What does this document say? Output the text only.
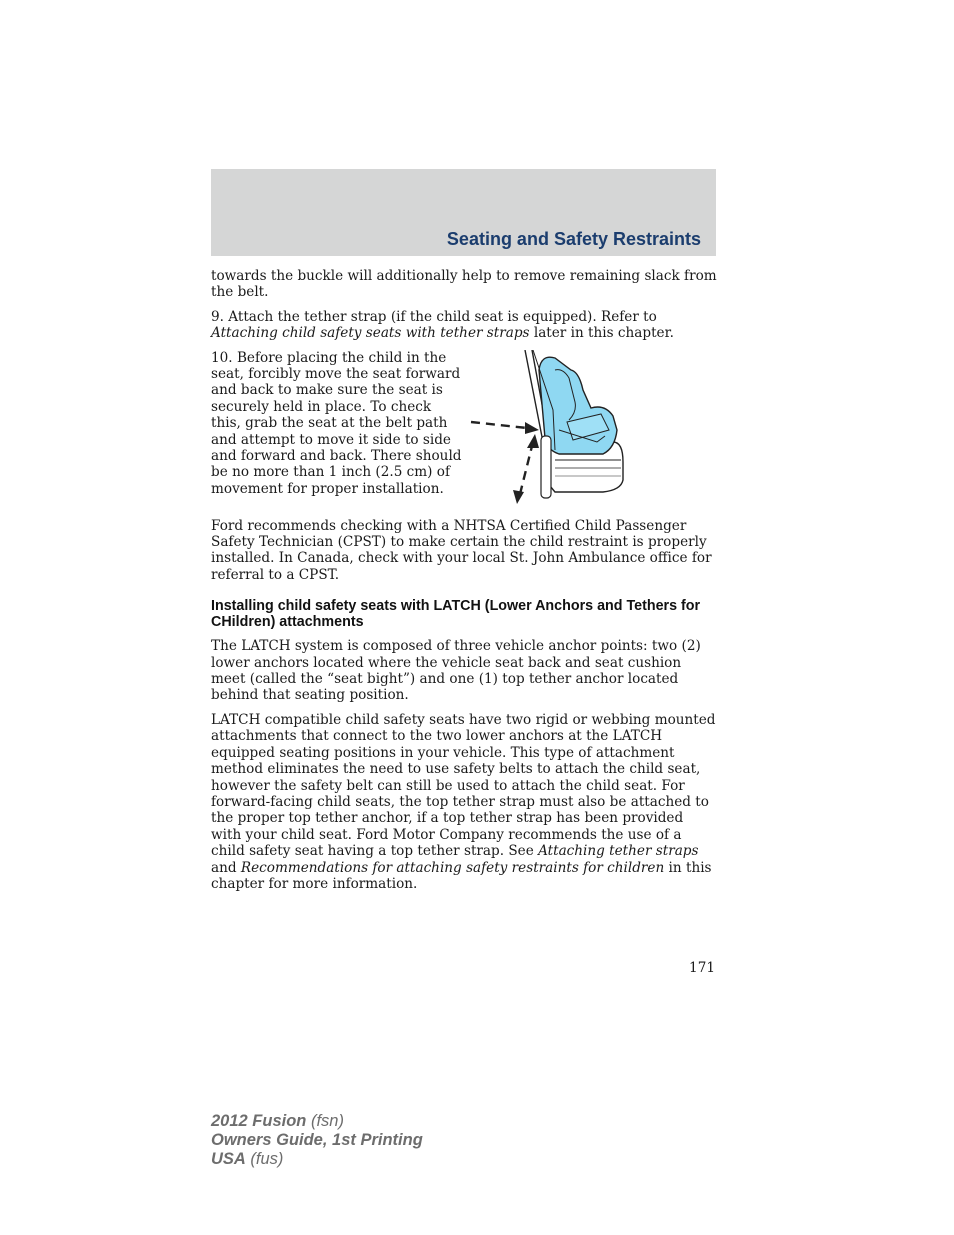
Seating and Safety Restraints

towards the buckle will additionally help to remove remaining slack from the belt.

9. Attach the tether strap (if the child seat is equipped). Refer to Attaching child safety seats with tether straps later in this chapter.

10. Before placing the child in the seat, forcibly move the seat forward and back to make sure the seat is securely held in place. To check this, grab the seat at the belt path and attempt to move it side to side and forward and back. There should be no more than 1 inch (2.5 cm) of movement for proper installation.

Ford recommends checking with a NHTSA Certified Child Passenger Safety Technician (CPST) to make certain the child restraint is properly installed. In Canada, check with your local St. John Ambulance office for referral to a CPST.

Installing child safety seats with LATCH (Lower Anchors and Tethers for CHildren) attachments

The LATCH system is composed of three vehicle anchor points: two (2) lower anchors located where the vehicle seat back and seat cushion meet (called the “seat bight”) and one (1) top tether anchor located behind that seating position.

LATCH compatible child safety seats have two rigid or webbing mounted attachments that connect to the two lower anchors at the LATCH equipped seating positions in your vehicle. This type of attachment method eliminates the need to use safety belts to attach the child seat, however the safety belt can still be used to attach the child seat. For forward-facing child seats, the top tether strap must also be attached to the proper top tether anchor, if a top tether strap has been provided with your child seat. Ford Motor Company recommends the use of a child safety seat having a top tether strap. See Attaching tether straps and Recommendations for attaching safety restraints for children in this chapter for more information.

171
2012 Fusion (fsn)
Owners Guide, 1st Printing
USA (fus)
